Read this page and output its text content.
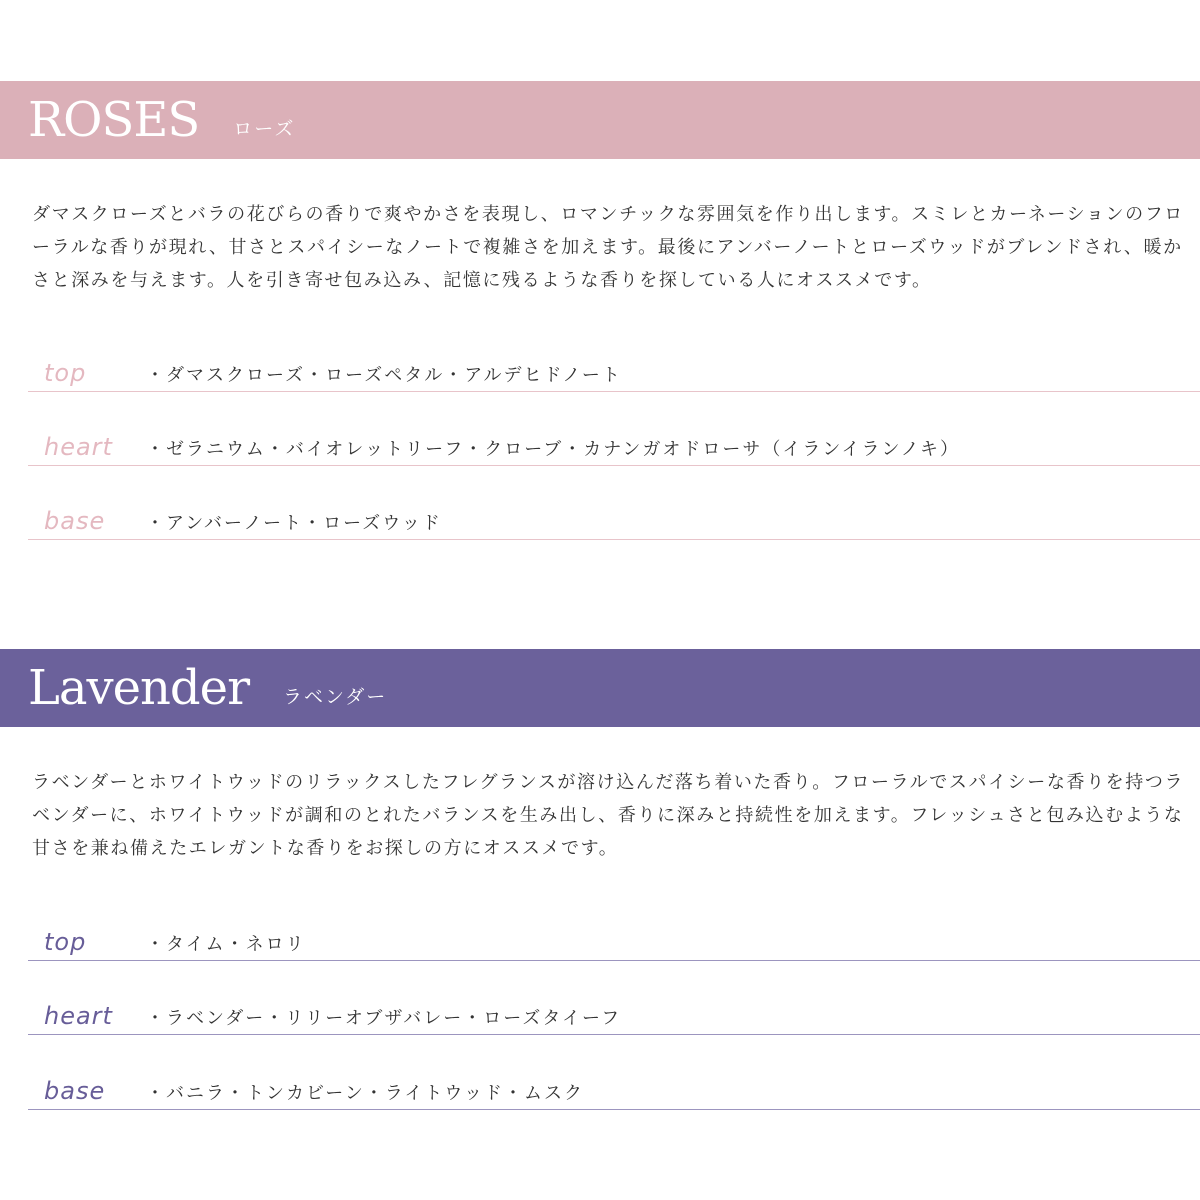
ROSES ローズ

ダマスクローズとバラの花びらの香りで爽やかさを表現し、ロマンチックな雰囲気を作り出します。スミレとカーネーションのフローラルな香りが現れ、甘さとスパイシーなノートで複雑さを加えます。最後にアンバーノートとローズウッドがブレンドされ、暖かさと深みを与えます。人を引き寄せ包み込み、記憶に残るような香りを探している人にオススメです。

top	・ダマスクローズ・ローズペタル・アルデヒドノート
heart	・ゼラニウム・バイオレットリーフ・クローブ・カナンガオドローサ（イランイランノキ）
base	・アンバーノート・ローズウッド
Lavender ラベンダー

ラベンダーとホワイトウッドのリラックスしたフレグランスが溶け込んだ落ち着いた香り。フローラルでスパイシーな香りを持つラベンダーに、ホワイトウッドが調和のとれたバランスを生み出し、香りに深みと持続性を加えます。フレッシュさと包み込むような甘さを兼ね備えたエレガントな香りをお探しの方にオススメです。

top	・タイム・ネロリ
heart	・ラベンダー・リリーオブザバレー・ローズタイーフ
base	・バニラ・トンカビーン・ライトウッド・ムスク
